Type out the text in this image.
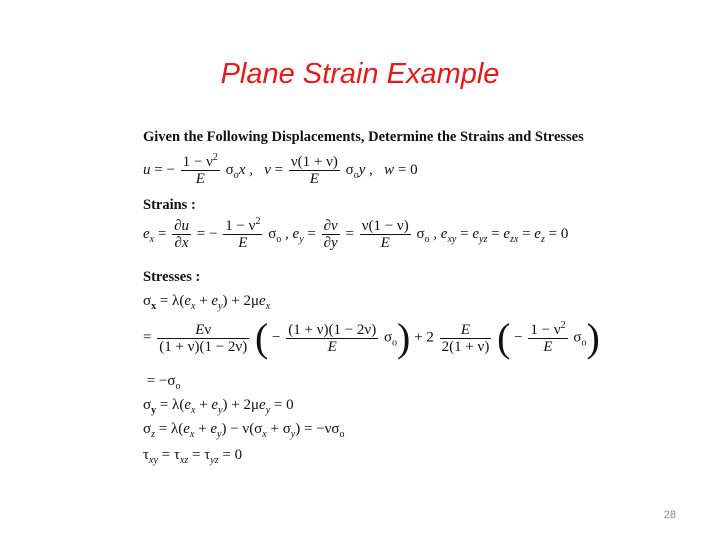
Plane Strain Example
Given the Following Displacements, Determine the Strains and Stresses
u = − $\frac{1 - \nu^2}{E} \sigma_ox$ ,   $v = \frac{\nu(1 + \nu)}{E} \sigma_oy$ ,   w = 0
Strains :
$e_x = \frac{\partial u}{\partial x}$ = − $\frac{1 - \nu^2}{E} \sigma_o$ , $e_y = \frac{\partial v}{\partial y} = \frac{\nu(1 - \nu)}{E} \sigma_o$ , $e_{xy} = e_{yz} = e_{zx} = e_z = 0$
Stresses :
$\sigma_x = \lambda(e_x + e_y) + 2\mu e_x$
= $\frac{E\nu}{(1 + \nu)(1 - 2\nu)}$ ( − $\frac{(1 + \nu)(1 - 2\nu)}{E} \sigma_o) + 2 \frac{E}{2(1 + \nu)}$ ( − $\frac{1 - \nu^2}{E} \sigma_o$)
= $-\sigma_o$
$\sigma_y = \lambda(e_x + e_y) + 2\mu e_y = 0$
$\sigma_z = \lambda(e_x + e_y) - \nu(\sigma_x + \sigma_y) = -\nu\sigma_o$
$\tau_{xy} = \tau_{xz} = \tau_{yz} = 0$
28
